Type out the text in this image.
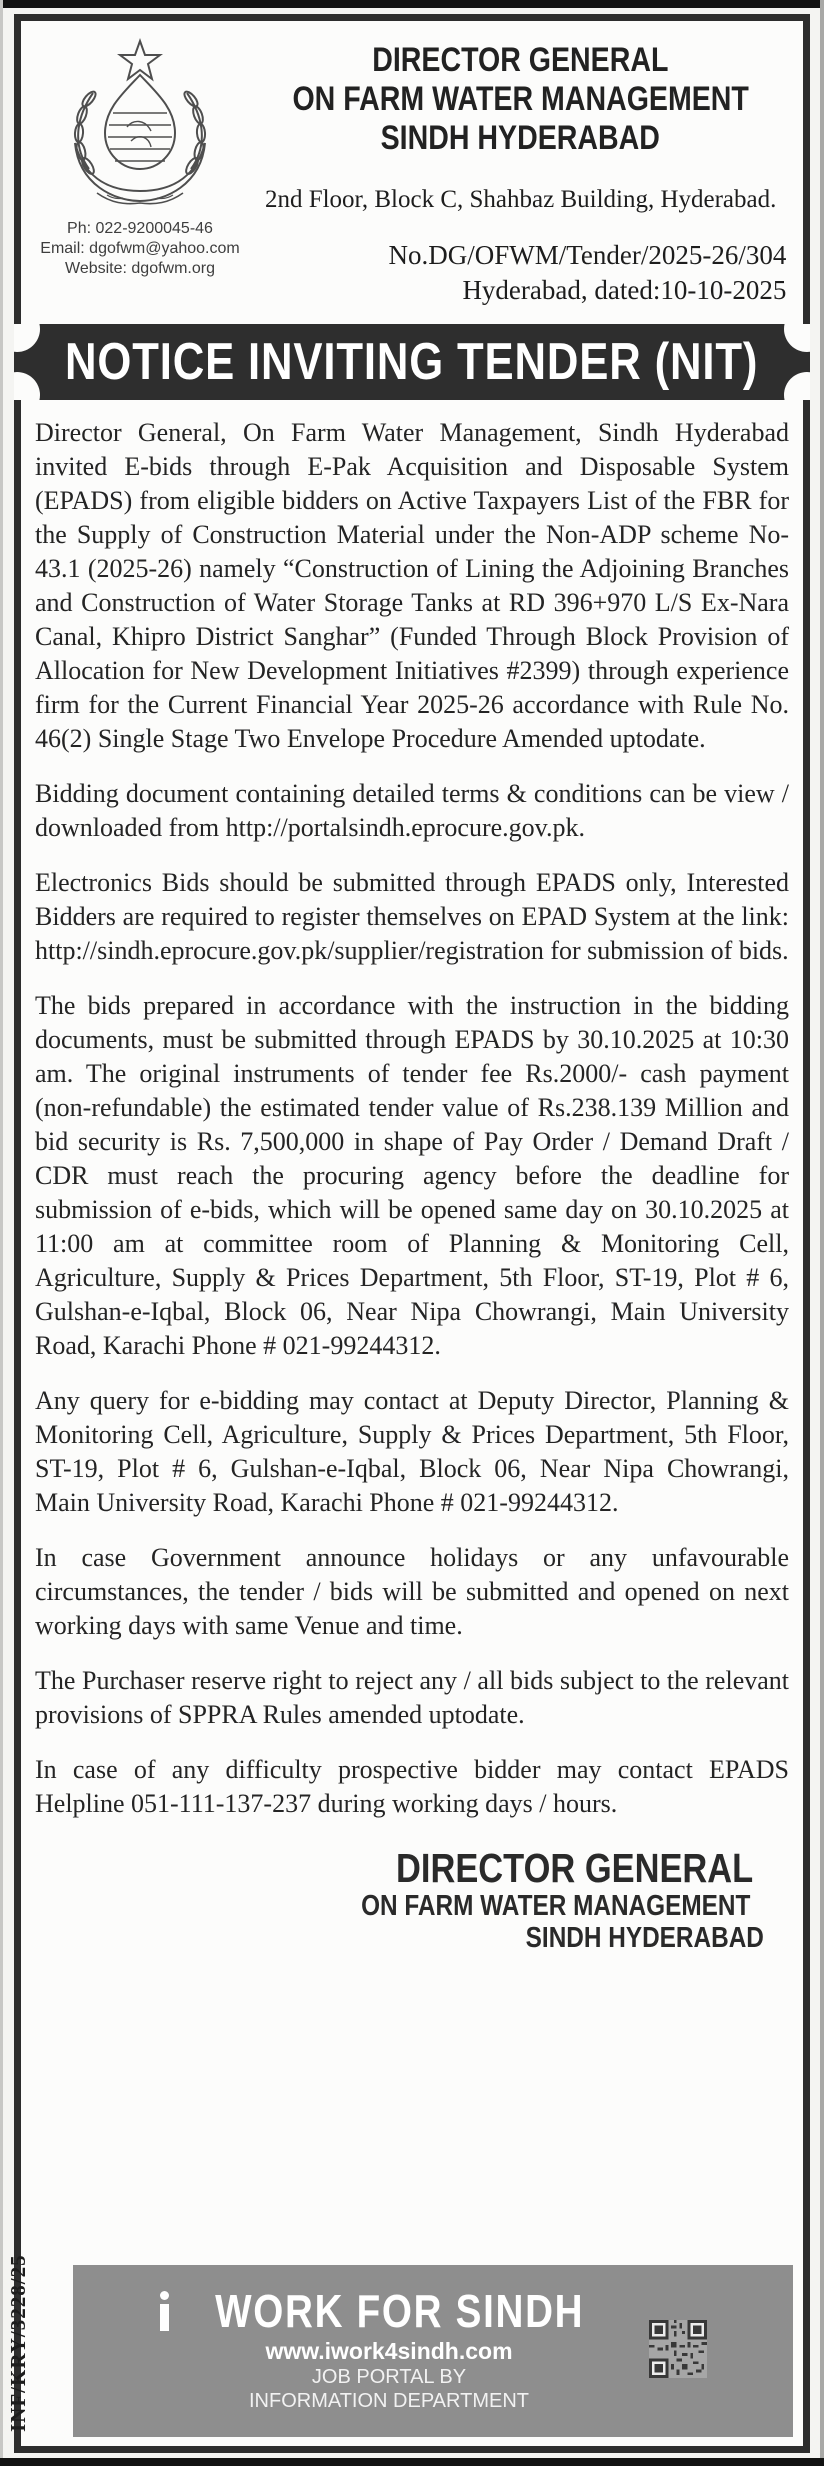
Ph: 022-9200045-46
Email: dgofwm@yahoo.com
Website: dgofwm.org
DIRECTOR GENERAL
ON FARM WATER MANAGEMENT
SINDH HYDERABAD
2nd Floor, Block C, Shahbaz Building, Hyderabad.
No.DG/OFWM/Tender/2025-26/304
Hyderabad, dated:10-10-2025
NOTICE INVITING TENDER (NIT)

Director General, On Farm Water Management, Sindh Hyderabad invited E-bids through E-Pak Acquisition and Disposable System (EPADS) from eligible bidders on Active Taxpayers List of the FBR for the Supply of Construction Material under the Non-ADP scheme No-43.1 (2025-26) namely “Construction of Lining the Adjoining Branches and Construction of Water Storage Tanks at RD 396+970 L/S Ex-Nara Canal, Khipro District Sanghar” (Funded Through Block Provision of Allocation for New Development Initiatives #2399) through experience firm for the Current Financial Year 2025-26 accordance with Rule No. 46(2) Single Stage Two Envelope Procedure Amended uptodate.

Bidding document containing detailed terms & conditions can be view / downloaded from http://portalsindh.eprocure.gov.pk.

Electronics Bids should be submitted through EPADS only, Interested Bidders are required to register themselves on EPAD System at the link: http://sindh.eprocure.gov.pk/supplier/registration for submission of bids.

The bids prepared in accordance with the instruction in the bidding documents, must be submitted through EPADS by 30.10.2025 at 10:30 am. The original instruments of tender fee Rs.2000/- cash payment (non-refundable) the estimated tender value of Rs.238.139 Million and bid security is Rs. 7,500,000 in shape of Pay Order / Demand Draft / CDR must reach the procuring agency before the deadline for submission of e-bids, which will be opened same day on 30.10.2025 at 11:00 am at committee room of Planning & Monitoring Cell, Agriculture, Supply & Prices Department, 5th Floor, ST-19, Plot # 6, Gulshan-e-Iqbal, Block 06, Near Nipa Chowrangi, Main University Road, Karachi Phone # 021-99244312.

Any query for e-bidding may contact at Deputy Director, Planning & Monitoring Cell, Agriculture, Supply & Prices Department, 5th Floor, ST-19, Plot # 6, Gulshan-e-Iqbal, Block 06, Near Nipa Chowrangi, Main University Road, Karachi Phone # 021-99244312.

In case Government announce holidays or any unfavourable circumstances, the tender / bids will be submitted and opened on next working days with same Venue and time.

The Purchaser reserve right to reject any / all bids subject to the relevant provisions of SPPRA Rules amended uptodate.

In case of any difficulty prospective bidder may contact EPADS Helpline 051-111-137-237 during working days / hours.

DIRECTOR GENERAL
ON FARM WATER MANAGEMENT
SINDH HYDERABAD
INF/KRY/3228/25	WORK FOR SINDH
www.iwork4sindh.com
JOB PORTAL BY
INFORMATION DEPARTMENT
